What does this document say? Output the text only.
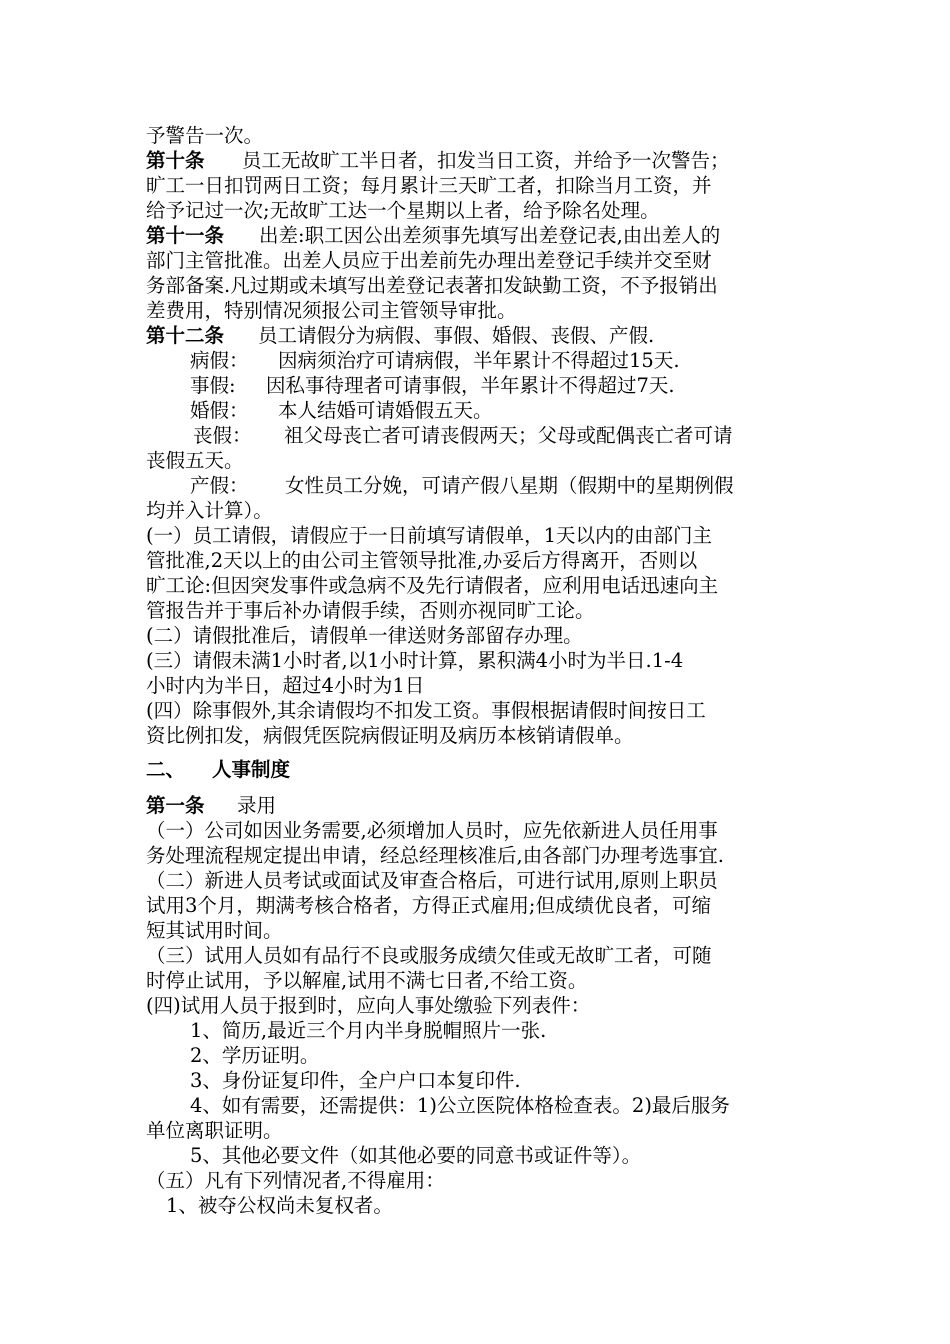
予警告一次。
第十条 员工无故旷工半日者，扣发当日工资，并给予一次警告；
旷工一日扣罚两日工资；每月累计三天旷工者，扣除当月工资，并
给予记过一次;无故旷工达一个星期以上者，给予除名处理。
第十一条 出差:职工因公出差须事先填写出差登记表,由出差人的
部门主管批准。出差人员应于出差前先办理出差登记手续并交至财
务部备案.凡过期或未填写出差登记表著扣发缺勤工资，不予报销出
差费用，特别情况须报公司主管领导审批。
第十二条 员工请假分为病假、事假、婚假、丧假、产假.
病假： 因病须治疗可请病假，半年累计不得超过15天.
事假: 因私事待理者可请事假，半年累计不得超过7天.
婚假： 本人结婚可请婚假五天。
丧假： 祖父母丧亡者可请丧假两天；父母或配偶丧亡者可请
丧假五天。
产假： 女性员工分娩，可请产假八星期（假期中的星期例假
均并入计算）。
(一）员工请假，请假应于一日前填写请假单，1天以内的由部门主
管批准,2天以上的由公司主管领导批准,办妥后方得离开，否则以
旷工论:但因突发事件或急病不及先行请假者，应利用电话迅速向主
管报告并于事后补办请假手续，否则亦视同旷工论。
(二）请假批准后，请假单一律送财务部留存办理。
(三）请假未满1小时者,以1小时计算，累积满4小时为半日.1-4
小时内为半日，超过4小时为1日
(四）除事假外,其余请假均不扣发工资。事假根据请假时间按日工
资比例扣发，病假凭医院病假证明及病历本核销请假单。
二、 人事制度
第一条 录用
（一）公司如因业务需要,必须增加人员时，应先依新进人员任用事
务处理流程规定提出申请，经总经理核准后,由各部门办理考选事宜.
（二）新进人员考试或面试及审查合格后，可进行试用,原则上职员
试用3个月，期满考核合格者，方得正式雇用;但成绩优良者，可缩
短其试用时间。
（三）试用人员如有品行不良或服务成绩欠佳或无故旷工者，可随
时停止试用，予以解雇,试用不满七日者,不给工资。
(四)试用人员于报到时，应向人事处缴验下列表件：
1、简历,最近三个月内半身脱帽照片一张.
2、学历证明。
3、身份证复印件，全户户口本复印件.
4、如有需要，还需提供：1)公立医院体格检查表。2)最后服务
单位离职证明。
5、其他必要文件（如其他必要的同意书或证件等）。
（五）凡有下列情况者,不得雇用：
1、被夺公权尚未复权者。
